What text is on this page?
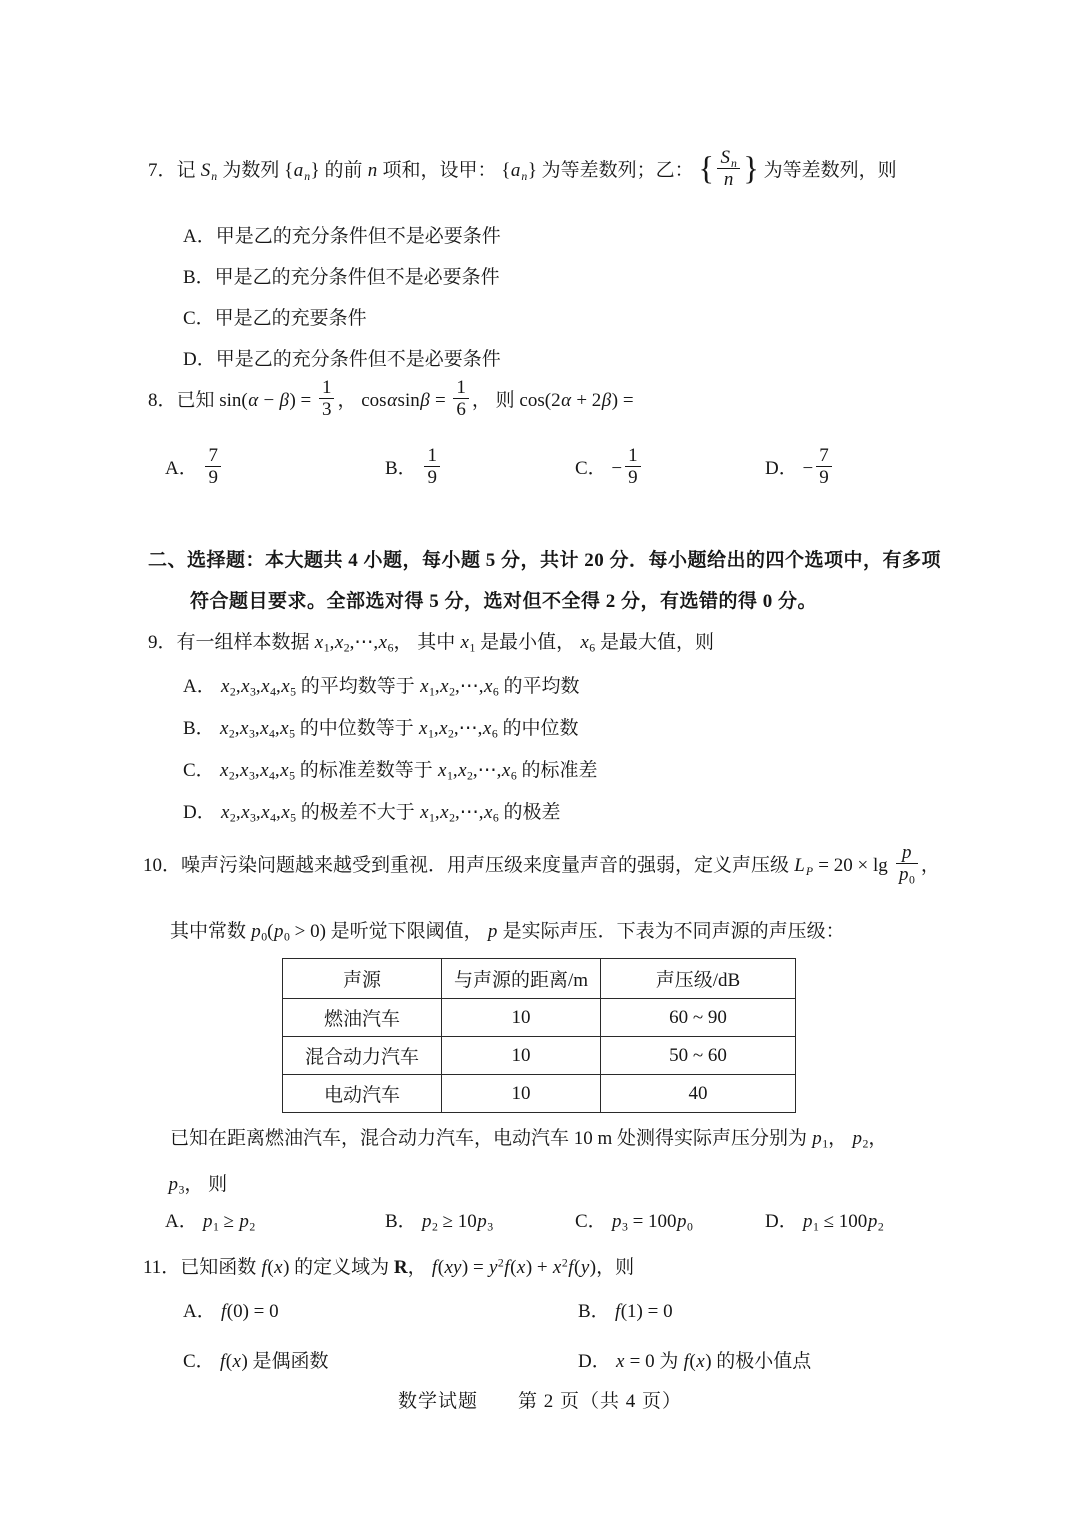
7．记 $S_n$ 为数列 $\{a_n\}$ 的前 n 项和，设甲： $\{a_n\}$ 为等差数列；乙： { $\frac{S_n}{n}$ } 为等差数列，则
A．甲是乙的充分条件但不是必要条件
B．甲是乙的充分条件但不是必要条件
C．甲是乙的充要条件
D．甲是乙的充分条件但不是必要条件
8．已知 $\sin(\alpha - \beta) = \frac{1}{3}$ ， $\cos\alpha\sin\beta = \frac{1}{6}$ ， 则 cos(2α + 2β) =
A． $\frac{7}{9}$	B． $\frac{1}{9}$	C． − $\frac{1}{9}$	D． − $\frac{7}{9}$
二、选择题：本大题共 4 小题，每小题 5 分，共计 20 分．每小题给出的四个选项中，有多项
符合题目要求。全部选对得 5 分，选对但不全得 2 分，有选错的得 0 分。
9．有一组样本数据 $x_1,x_2,\cdots,x_6$， 其中 $x_1$ 是最小值， $x_6$ 是最大值，则
A． $x_2,x_3,x_4,x_5$ 的平均数等于 $x_1,x_2,\cdots,x_6$ 的平均数
B． $x_2,x_3,x_4,x_5$ 的中位数等于 $x_1,x_2,\cdots,x_6$ 的中位数
C． $x_2,x_3,x_4,x_5$ 的标准差数等于 $x_1,x_2,\cdots,x_6$ 的标准差
D． $x_2,x_3,x_4,x_5$ 的极差不大于 $x_1,x_2,\cdots,x_6$ 的极差
10．噪声污染问题越来越受到重视．用声压级来度量声音的强弱，定义声压级 $L_P = 20 \times \lg \frac{p}{p_0}$ ，
其中常数 $p_0(p_0 > 0)$ 是听觉下限阈值， p 是实际声压．下表为不同声源的声压级：
声源	与声源的距离/m	声压级/dB
燃油汽车	10	60 ~ 90
混合动力汽车	10	50 ~ 60
电动汽车	10	40
已知在距离燃油汽车，混合动力汽车，电动汽车 10 m 处测得实际声压分别为 $p_1$， $p_2$，
$p_3$， 则
A． $p_1 \ge p_2$	B． $p_2 \ge 10p_3$	C． $p_3 = 100p_0$	D． $p_1 \le 100p_2$
11．已知函数 f(x) 的定义域为 R， $f(xy) = y^2f(x) + x^2f(y)$，则
A． f(0) = 0	B． f(1) = 0
C． f(x) 是偶函数	D． x = 0 为 f(x) 的极小值点
数学试题　　第 2 页（共 4 页）
